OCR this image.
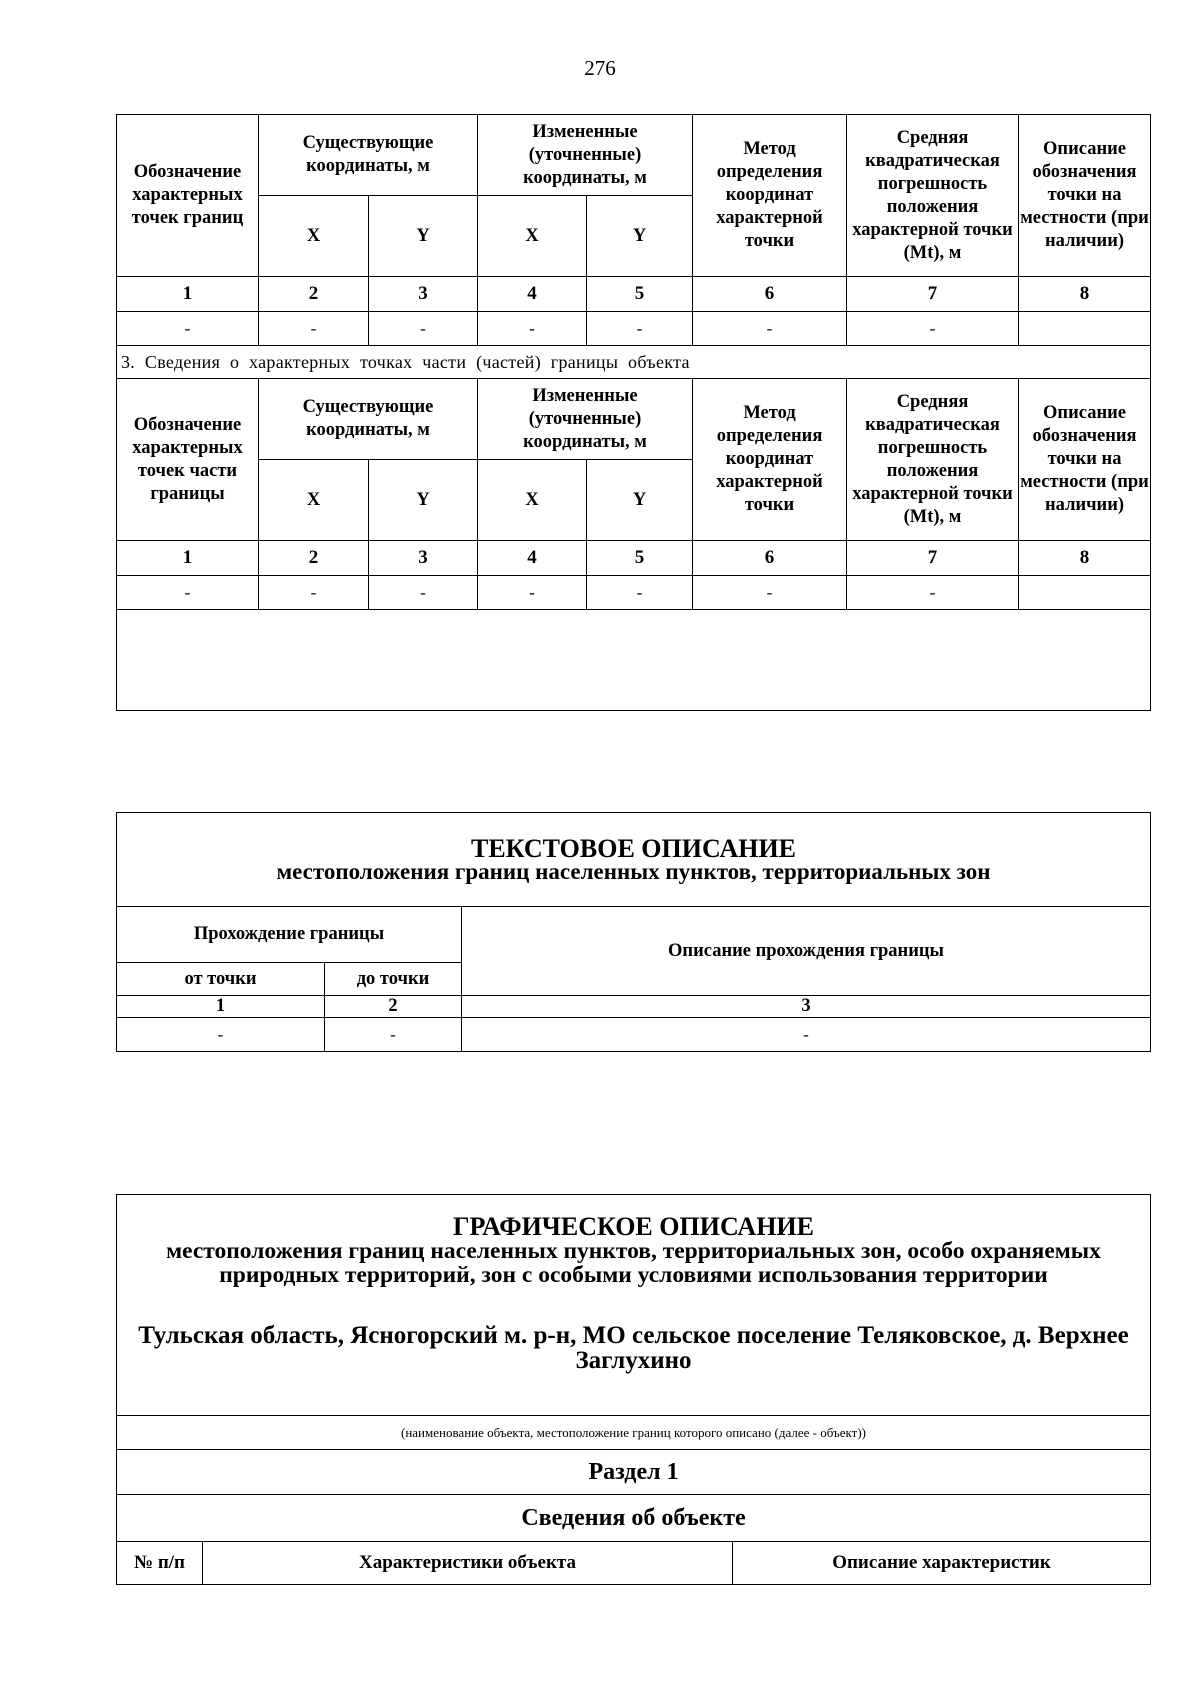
276
Обозначение характерных точек границ	Существующие координаты, м		Измененные (уточненные) координаты, м		Метод определения координат характерной точки	Средняя квадратическая погрешность положения характерной точки (Mt), м	Описание обозначения точки на местности (при наличии)
	X	Y	X	Y			
1	2	3	4	5	6	7	8
-	-	-	-	-	-	-	
3. Сведения о характерных точках части (частей) границы объекта							
Обозначение характерных точек части границы	Существующие координаты, м		Измененные (уточненные) координаты, м		Метод определения координат характерной точки	Средняя квадратическая погрешность положения характерной точки (Mt), м	Описание обозначения точки на местности (при наличии)
	X	Y	X	Y			
1	2	3	4	5	6	7	8
-	-	-	-	-	-	-	

ТЕКСТОВОЕ ОПИСАНИЕ
местоположения границ населенных пунктов, территориальных зон		

Прохождение границы		Описание прохождения границы
от точки	до точки	
1	2	3
-	-	-
ГРАФИЧЕСКОЕ ОПИСАНИЕ
местоположения границ населенных пунктов, территориальных зон, особо охраняемых природных территорий, зон с особыми условиями использования территории
Тульская область, Ясногорский м. р-н, МО сельское поселение Теляковское, д. Верхнее Заглухино

(наименование объекта, местоположение границ которого описано (далее - объект))
Раздел 1
Сведения об объекте
№ п/п	Характеристики объекта	Описание характеристик
